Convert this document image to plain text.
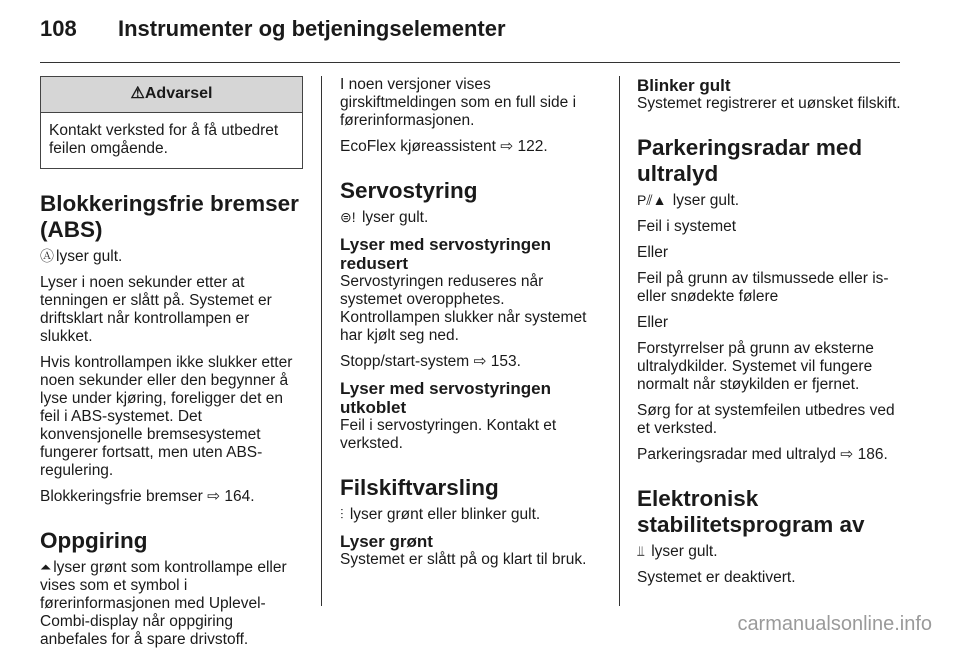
108 Instrumenter og betjeningselementer
⚠Advarsel
Kontakt verksted for å få utbedret feilen omgående.
Blokkeringsfrie bremser (ABS)

Ⓐ lyser gult.

Lyser i noen sekunder etter at tenningen er slått på. Systemet er driftsklart når kontrollampen er slukket.

Hvis kontrollampen ikke slukker etter noen sekunder eller den begynner å lyse under kjøring, foreligger det en feil i ABS-systemet. Det konvensjonelle bremsesystemet fungerer fortsatt, men uten ABS-regulering.

Blokkeringsfrie bremser ⇨ 164.

Oppgiring

⏶ lyser grønt som kontrollampe eller vises som et symbol i førerinformasjonen med Uplevel-Combi-display når oppgiring anbefales for å spare drivstoff.

I noen versjoner vises girskiftmeldingen som en full side i førerinformasjonen.

EcoFlex kjøreassistent ⇨ 122.

Servostyring

⊜! lyser gult.

Lyser med servostyringen redusert

Servostyringen reduseres når systemet overopphetes. Kontrollampen slukker når systemet har kjølt seg ned.

Stopp/start-system ⇨ 153.

Lyser med servostyringen utkoblet

Feil i servostyringen. Kontakt et verksted.

Filskiftvarsling

⫶ lyser grønt eller blinker gult.

Lyser grønt

Systemet er slått på og klart til bruk.

Blinker gult

Systemet registrerer et uønsket filskift.

Parkeringsradar med ultralyd

P⫽▲ lyser gult.

Feil i systemet

Eller

Feil på grunn av tilsmussede eller is- eller snødekte følere

Eller

Forstyrrelser på grunn av eksterne ultralydkilder. Systemet vil fungere normalt når støykilden er fjernet.

Sørg for at systemfeilen utbedres ved et verksted.

Parkeringsradar med ultralyd ⇨ 186.

Elektronisk stabilitetsprogram av

⫫ lyser gult.

Systemet er deaktivert.

carmanualsonline.info
